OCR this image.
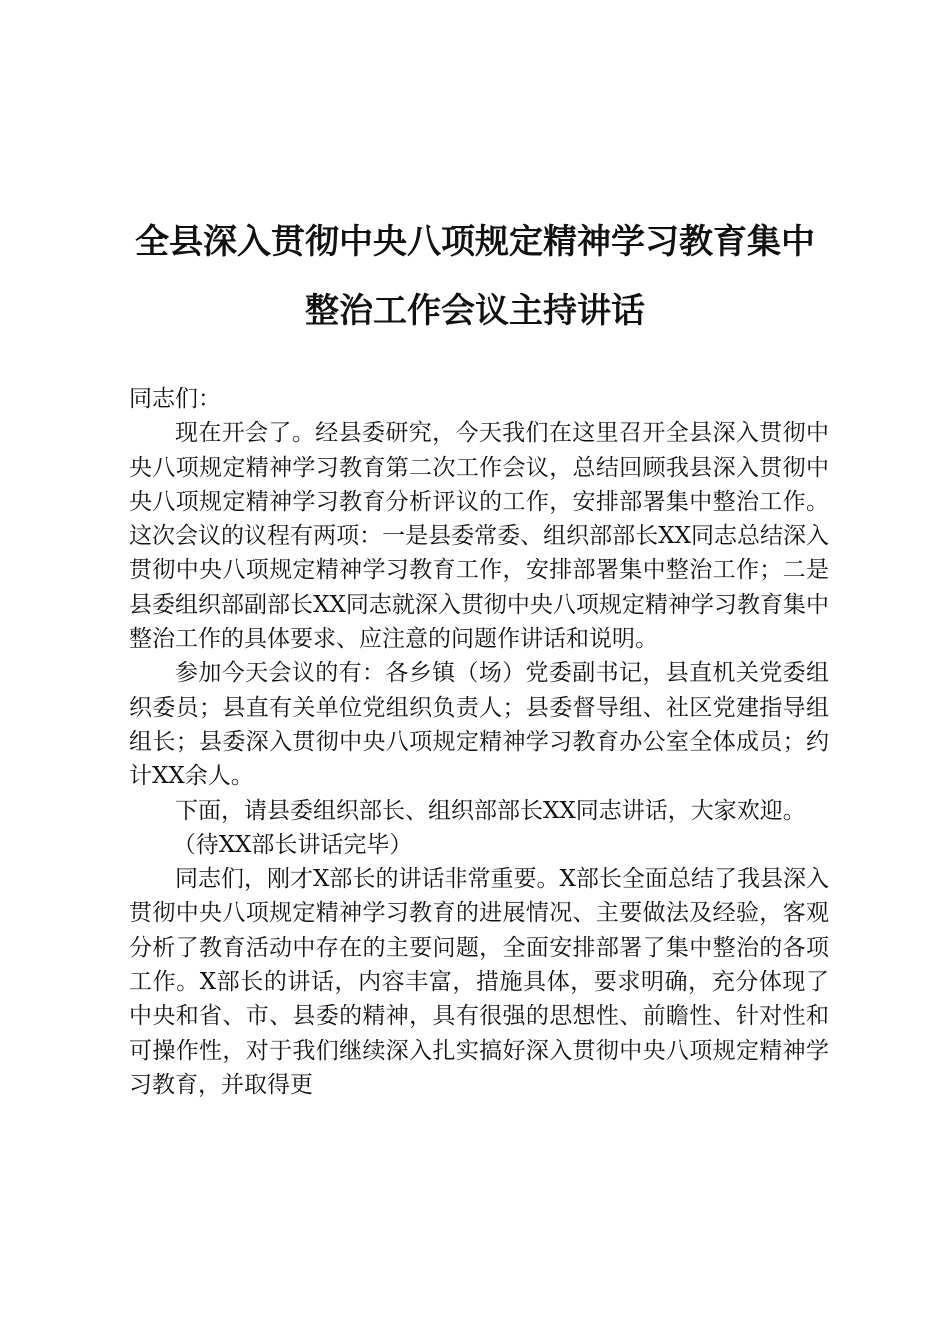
全县深入贯彻中央八项规定精神学习教育集中
整治工作会议主持讲话

同志们：

现在开会了。经县委研究，今天我们在这里召开全县深入贯彻中央八项规定精神学习教育第二次工作会议，总结回顾我县深入贯彻中央八项规定精神学习教育分析评议的工作，安排部署集中整治工作。这次会议的议程有两项：一是县委常委、组织部部长XX同志总结深入贯彻中央八项规定精神学习教育工作，安排部署集中整治工作；二是县委组织部副部长XX同志就深入贯彻中央八项规定精神学习教育集中整治工作的具体要求、应注意的问题作讲话和说明。

参加今天会议的有：各乡镇（场）党委副书记，县直机关党委组织委员；县直有关单位党组织负责人；县委督导组、社区党建指导组组长；县委深入贯彻中央八项规定精神学习教育办公室全体成员；约计XX余人。

下面，请县委组织部长、组织部部长XX同志讲话，大家欢迎。

（待XX部长讲话完毕）

同志们，刚才X部长的讲话非常重要。X部长全面总结了我县深入贯彻中央八项规定精神学习教育的进展情况、主要做法及经验，客观分析了教育活动中存在的主要问题，全面安排部署了集中整治的各项工作。X部长的讲话，内容丰富，措施具体，要求明确，充分体现了中央和省、市、县委的精神，具有很强的思想性、前瞻性、针对性和可操作性，对于我们继续深入扎实搞好深入贯彻中央八项规定精神学习教育，并取得更
